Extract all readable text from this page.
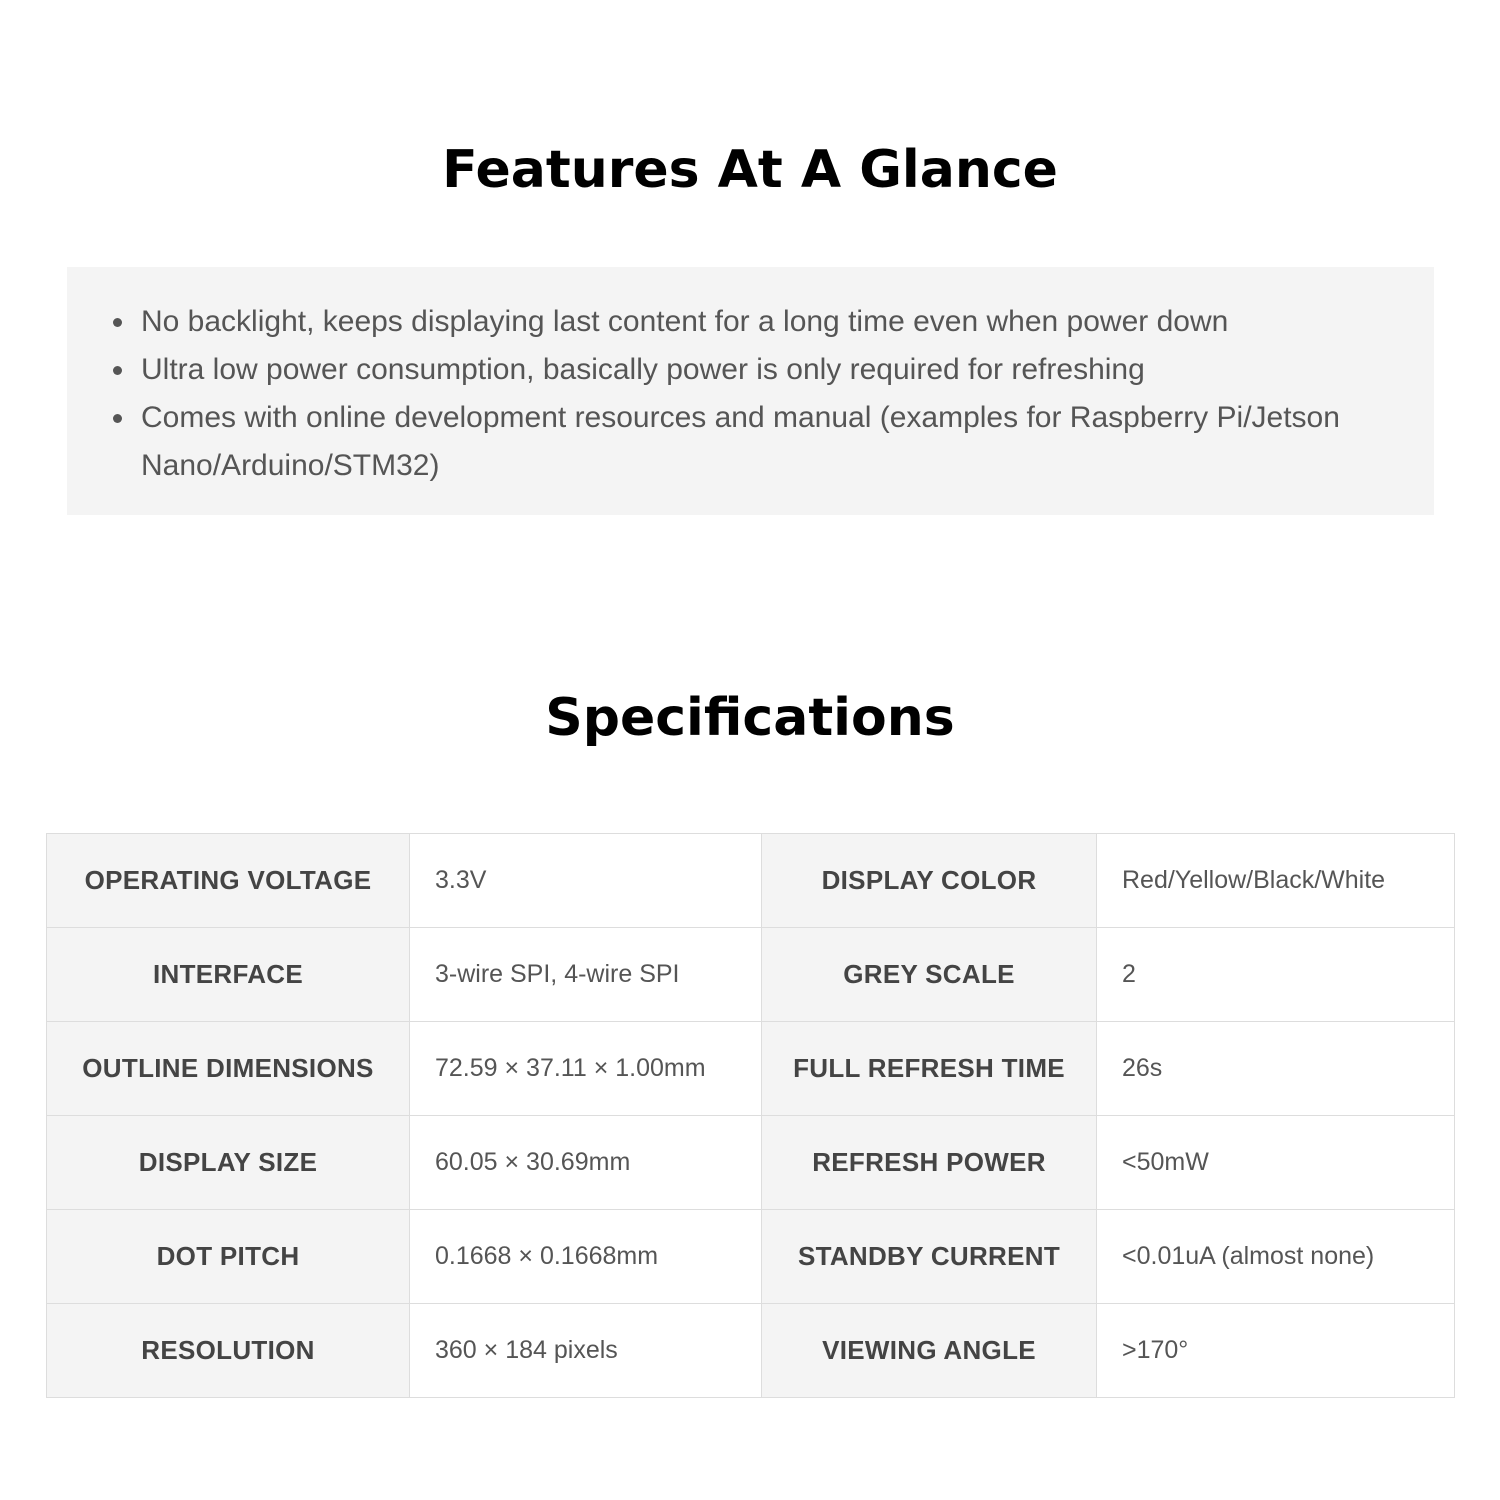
Features At A Glance
No backlight, keeps displaying last content for a long time even when power down
Ultra low power consumption, basically power is only required for refreshing
Comes with online development resources and manual (examples for Raspberry Pi/Jetson Nano/Arduino/STM32)
Specifications
OPERATING VOLTAGE	3.3V	DISPLAY COLOR	Red/Yellow/Black/White
INTERFACE	3-wire SPI, 4-wire SPI	GREY SCALE	2
OUTLINE DIMENSIONS	72.59 × 37.11 × 1.00mm	FULL REFRESH TIME	26s
DISPLAY SIZE	60.05 × 30.69mm	REFRESH POWER	<50mW
DOT PITCH	0.1668 × 0.1668mm	STANDBY CURRENT	<0.01uA (almost none)
RESOLUTION	360 × 184 pixels	VIEWING ANGLE	>170°
